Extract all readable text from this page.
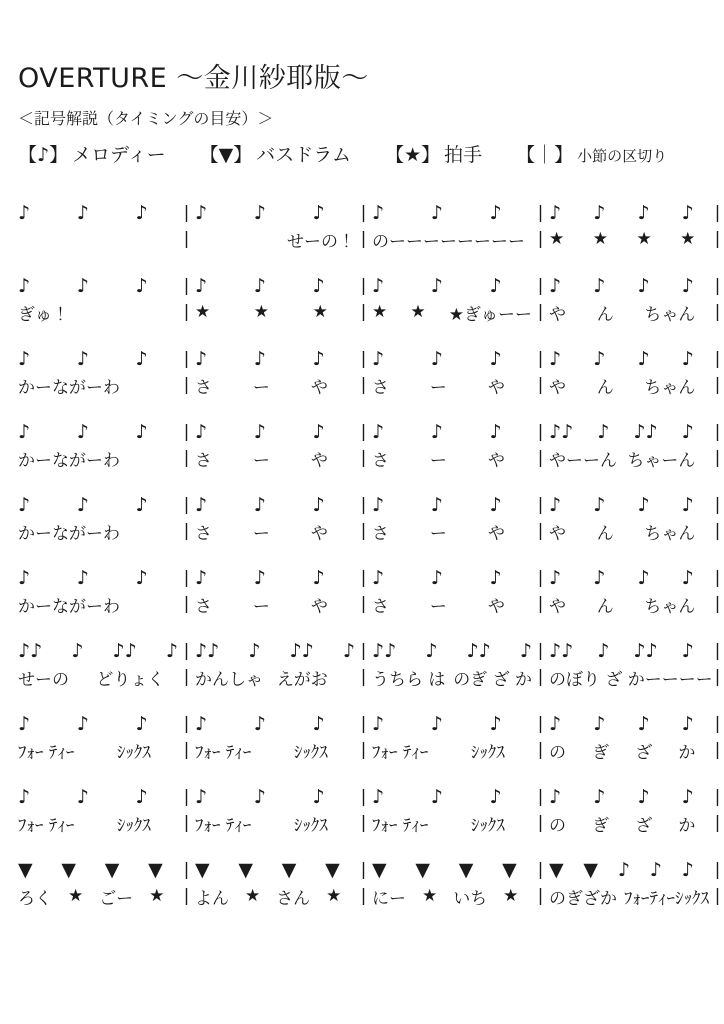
OVERTURE ～金川紗耶版～
＜記号解説（タイミングの目安）＞
【♪】 メロディー 【▼】 バスドラム 【★】 拍手 【｜】 小節の区切り
♪ ♪ ♪	| ♪ ♪ ♪	| ♪ ♪ ♪	| ♪ ♪ ♪ ♪	|
|	せーの！ | のーーーーーーーー | ★ ★ ★ ★	|
♪ ♪ ♪	| ♪ ♪ ♪	| ♪ ♪ ♪	| ♪ ♪ ♪ ♪	|
ぎゅ！	| ★	★	★	| ★ ★ ★ぎゅーー | や ん ちゃん	|
♪ ♪ ♪	| ♪ ♪ ♪	| ♪ ♪ ♪	| ♪ ♪ ♪ ♪	|
かーながーわ	| さ ー や	| さ ー や	| や ん ちゃん	|
♪ ♪ ♪	| ♪ ♪ ♪	| ♪ ♪ ♪	| ♪♪ ♪ ♪♪ ♪	|
かーながーわ	| さ ー や	| さ ー や	| やーーん ちゃーん	|
♪ ♪ ♪	| ♪ ♪ ♪	| ♪ ♪ ♪	| ♪ ♪ ♪ ♪	|
かーながーわ	| さ ー や	| さ ー や	| や ん ちゃん	|
♪ ♪ ♪	| ♪ ♪ ♪	| ♪ ♪ ♪	| ♪ ♪ ♪ ♪	|
かーながーわ	| さ ー や	| さ ー や	| や ん ちゃん	|
♪♪ ♪ ♪♪ ♪ | ♪♪ ♪ ♪♪ ♪ | ♪♪ ♪ ♪♪ ♪ | ♪♪ ♪ ♪♪ ♪	|
せーの どりょく	| かんしゃ えがお	| うちら は のぎ ざ か | のぼり ざ かーーーー |
♪ ♪ ♪	| ♪ ♪ ♪	| ♪ ♪ ♪	| ♪ ♪ ♪ ♪	|
ﾌｫｰ ﾃｨｰ ｼｯｸｽ	| ﾌｫｰ ﾃｨｰ ｼｯｸｽ	| ﾌｫｰ ﾃｨｰ ｼｯｸｽ	| の ぎ ざ か	|
♪ ♪ ♪	| ♪ ♪ ♪	| ♪ ♪ ♪	| ♪ ♪ ♪ ♪	|
ﾌｫｰ ﾃｨｰ ｼｯｸｽ	| ﾌｫｰ ﾃｨｰ ｼｯｸｽ	| ﾌｫｰ ﾃｨｰ ｼｯｸｽ	| の ぎ ざ か	|
▼ ▼ ▼ ▼	| ▼ ▼ ▼ ▼	| ▼ ▼ ▼ ▼	| ▼ ▼ ♪ ♪ ♪	|
ろく ★ ごー ★	| よん ★ さん ★	| にー ★ いち ★	| のぎざか ﾌｫｰﾃｨｰｼｯｸｽ |
